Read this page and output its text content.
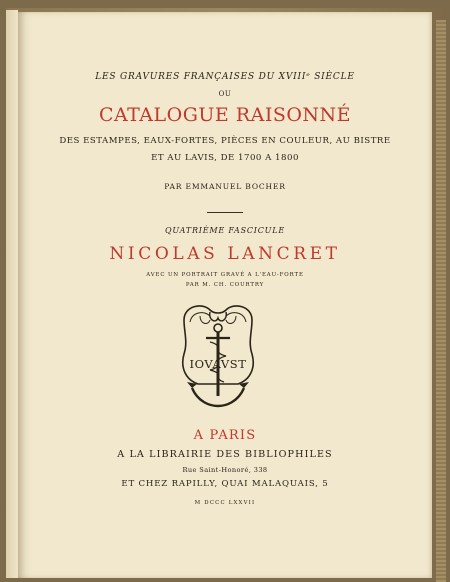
LES GRAVURES FRANÇAISES DU XVIIIᵉ SIÈCLE
OU
CATALOGUE RAISONNÉ
DES ESTAMPES, EAUX-FORTES, PIÈCES EN COULEUR, AU BISTRE
ET AU LAVIS, DE 1700 A 1800
PAR EMMANUEL BOCHER
QUATRIÈME FASCICULE
NICOLAS LANCRET
AVEC UN PORTRAIT GRAVÉ A L'EAU-FORTE
PAR M. CH. COURTRY
IOVAVST
A PARIS
A LA LIBRAIRIE DES BIBLIOPHILES
Rue Saint-Honoré, 338
ET CHEZ RAPILLY, QUAI MALAQUAIS, 5
M DCCC LXXVII
